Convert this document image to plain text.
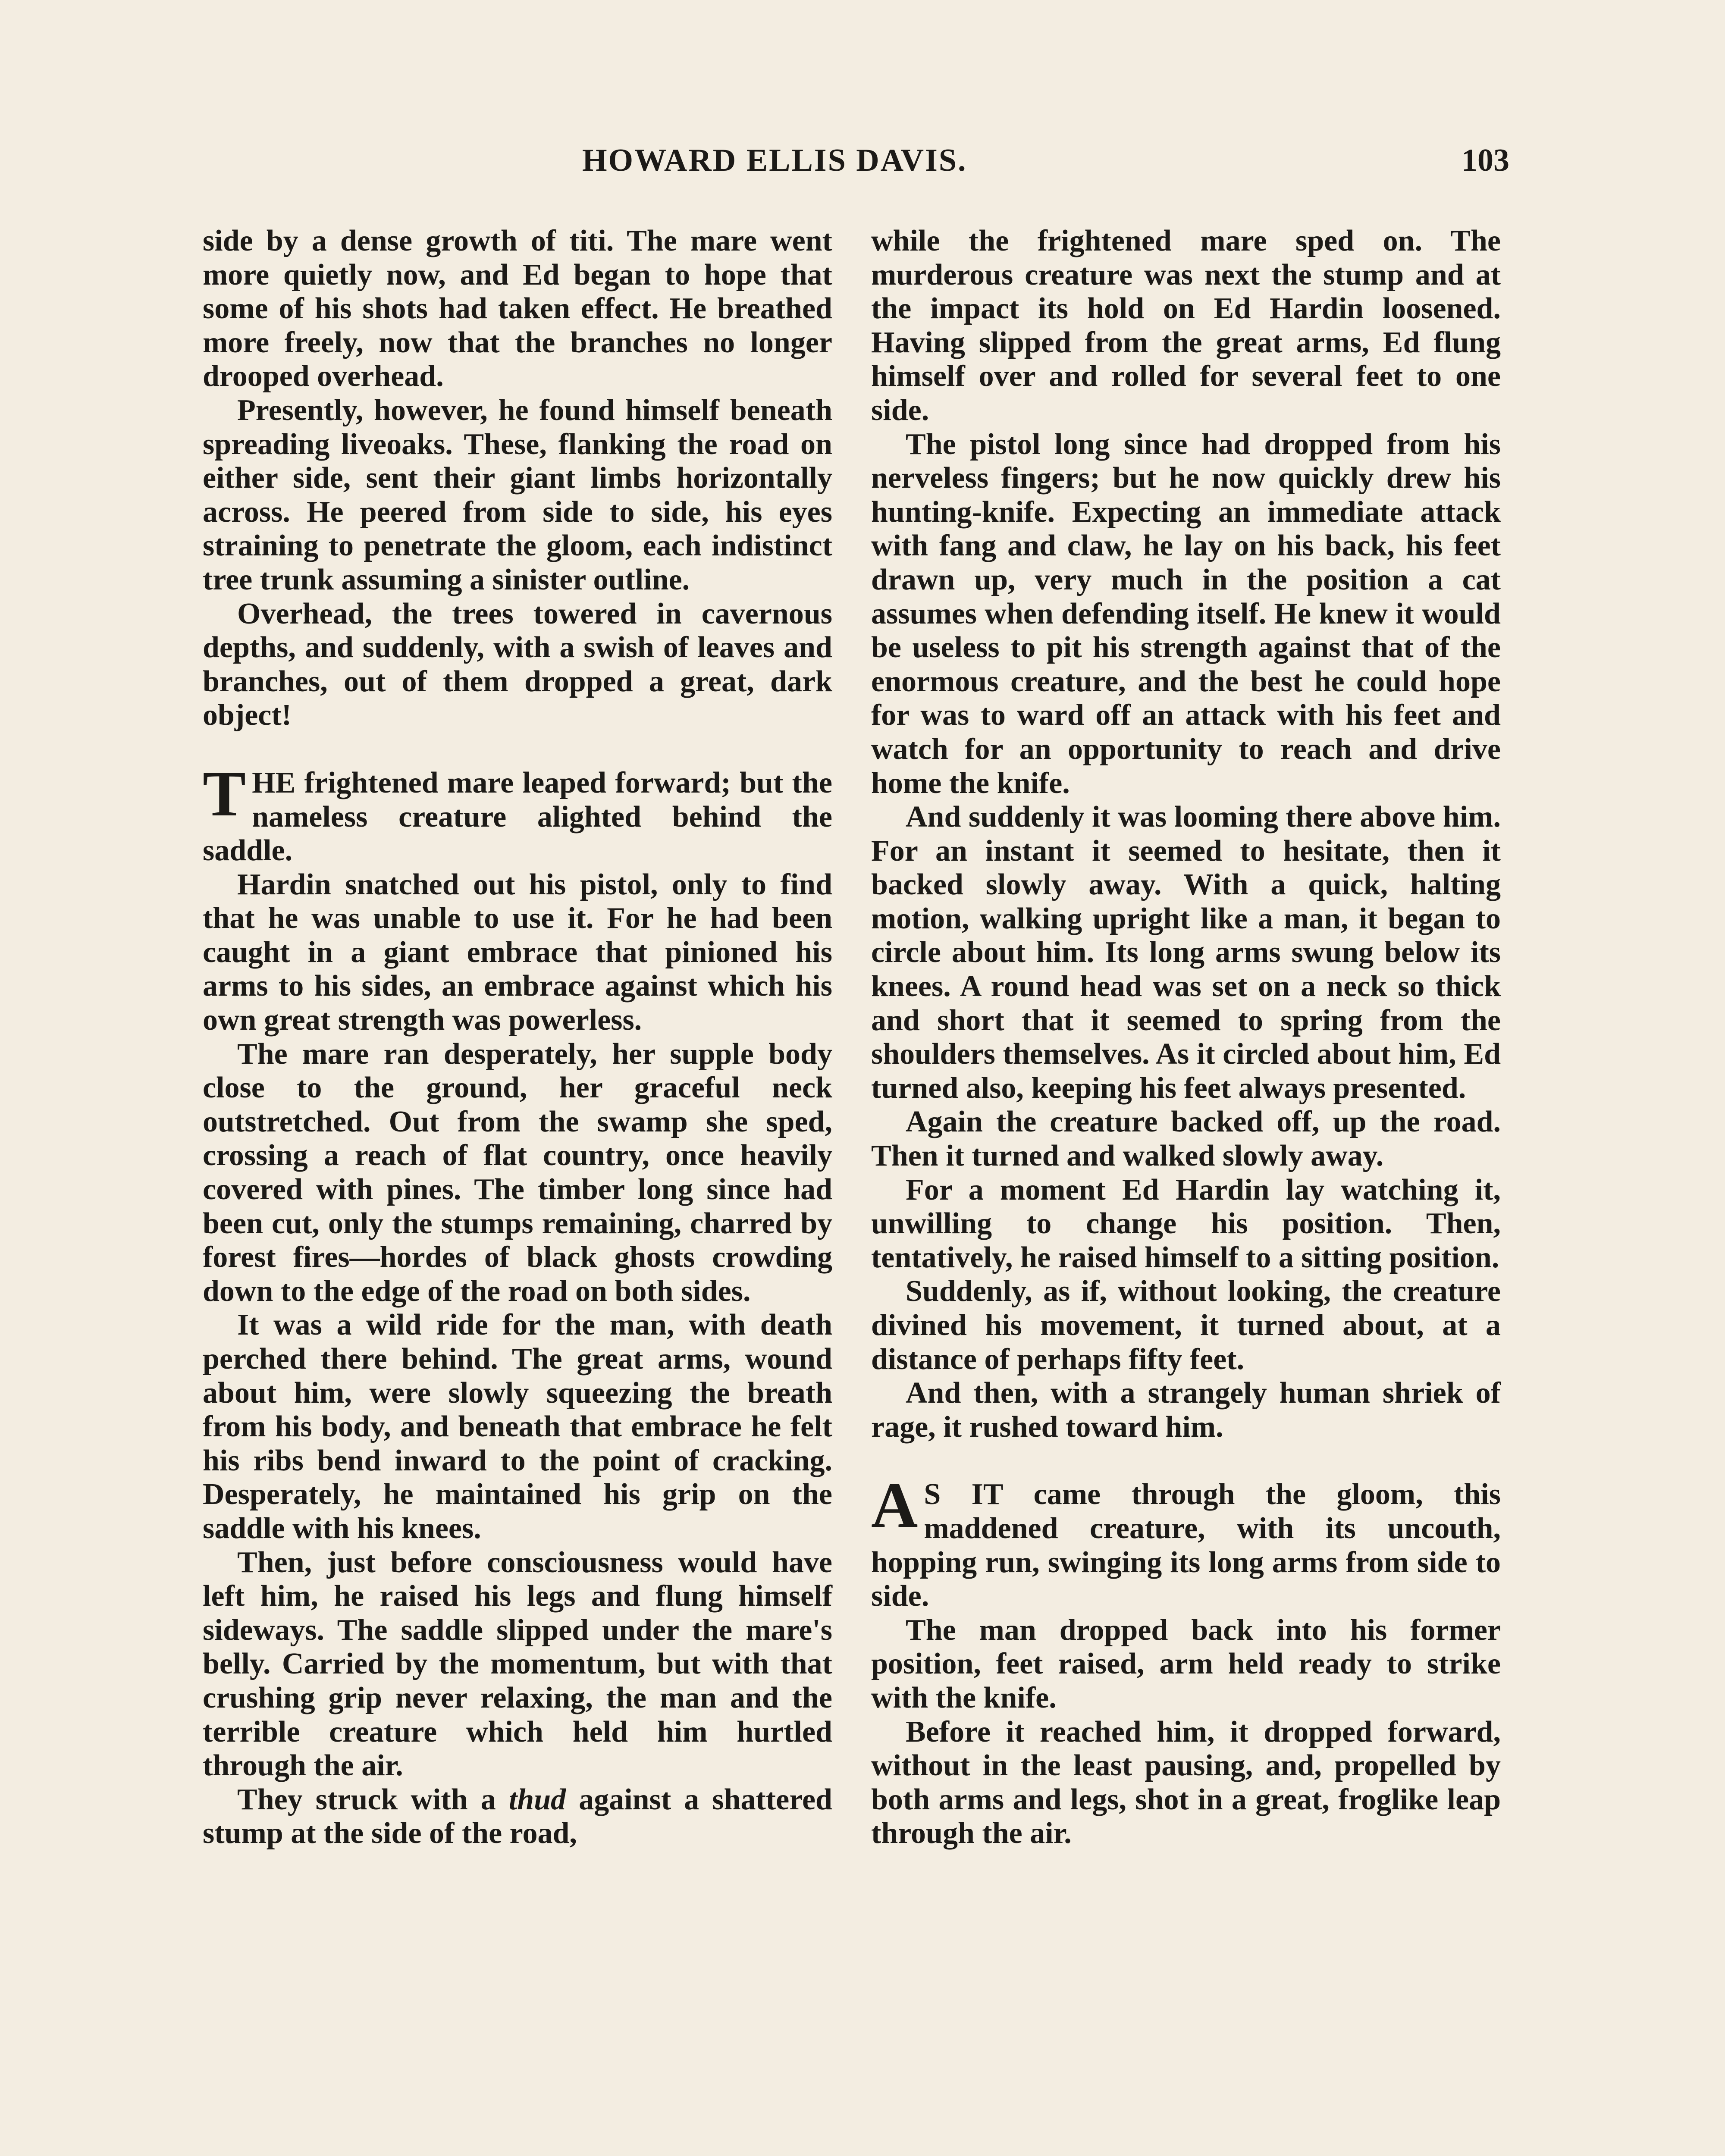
HOWARD ELLIS DAVIS.	103

side by a dense growth of titi. The mare went more quietly now, and Ed began to hope that some of his shots had taken effect. He breathed more freely, now that the branches no longer drooped overhead.

Presently, however, he found himself beneath spreading liveoaks. These, flanking the road on either side, sent their giant limbs horizontally across. He peered from side to side, his eyes straining to penetrate the gloom, each indistinct tree trunk assuming a sinister outline.

Overhead, the trees towered in cavernous depths, and suddenly, with a swish of leaves and branches, out of them dropped a great, dark object!

THE frightened mare leaped forward; but the nameless creature alighted behind the saddle.

Hardin snatched out his pistol, only to find that he was unable to use it. For he had been caught in a giant embrace that pinioned his arms to his sides, an embrace against which his own great strength was powerless.

The mare ran desperately, her supple body close to the ground, her graceful neck outstretched. Out from the swamp she sped, crossing a reach of flat country, once heavily covered with pines. The timber long since had been cut, only the stumps remaining, charred by forest fires—hordes of black ghosts crowding down to the edge of the road on both sides.

It was a wild ride for the man, with death perched there behind. The great arms, wound about him, were slowly squeezing the breath from his body, and beneath that embrace he felt his ribs bend inward to the point of cracking. Desperately, he maintained his grip on the saddle with his knees.

Then, just before consciousness would have left him, he raised his legs and flung himself sideways. The saddle slipped under the mare's belly. Carried by the momentum, but with that crushing grip never relaxing, the man and the terrible creature which held him hurtled through the air.

They struck with a thud against a shattered stump at the side of the road,

while the frightened mare sped on. The murderous creature was next the stump and at the impact its hold on Ed Hardin loosened. Having slipped from the great arms, Ed flung himself over and rolled for several feet to one side.

The pistol long since had dropped from his nerveless fingers; but he now quickly drew his hunting-knife. Expecting an immediate attack with fang and claw, he lay on his back, his feet drawn up, very much in the position a cat assumes when defending itself. He knew it would be useless to pit his strength against that of the enormous creature, and the best he could hope for was to ward off an attack with his feet and watch for an opportunity to reach and drive home the knife.

And suddenly it was looming there above him. For an instant it seemed to hesitate, then it backed slowly away. With a quick, halting motion, walking upright like a man, it began to circle about him. Its long arms swung below its knees. A round head was set on a neck so thick and short that it seemed to spring from the shoulders themselves. As it circled about him, Ed turned also, keeping his feet always presented.

Again the creature backed off, up the road. Then it turned and walked slowly away.

For a moment Ed Hardin lay watching it, unwilling to change his position. Then, tentatively, he raised himself to a sitting position.

Suddenly, as if, without looking, the creature divined his movement, it turned about, at a distance of perhaps fifty feet.

And then, with a strangely human shriek of rage, it rushed toward him.

A S IT came through the gloom, this maddened creature, with its uncouth, hopping run, swinging its long arms from side to side.

The man dropped back into his former position, feet raised, arm held ready to strike with the knife.

Before it reached him, it dropped forward, without in the least pausing, and, propelled by both arms and legs, shot in a great, froglike leap through the air.
